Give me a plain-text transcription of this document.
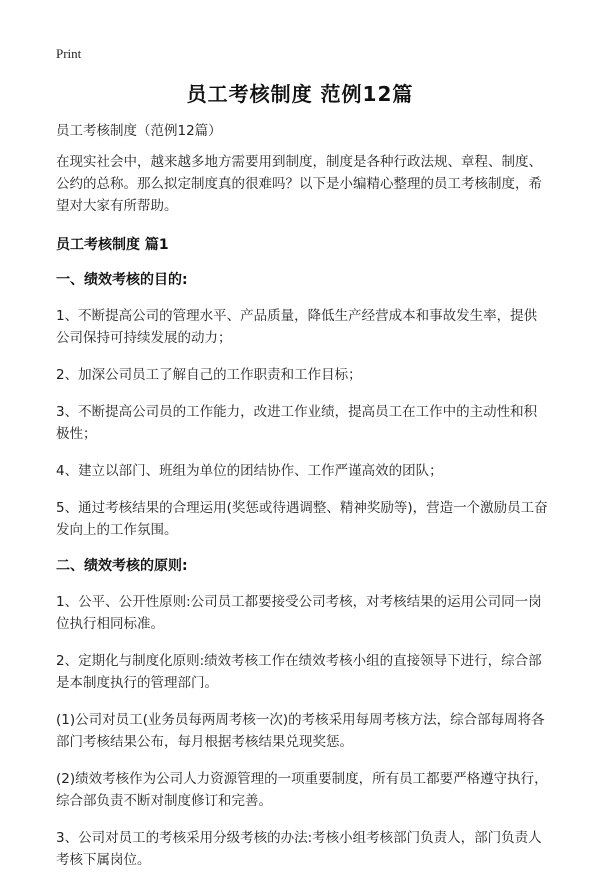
Print
员工考核制度 范例12篇

员工考核制度（范例12篇）

在现实社会中，越来越多地方需要用到制度，制度是各种行政法规、章程、制度、公约的总称。那么拟定制度真的很难吗？以下是小编精心整理的员工考核制度，希望对大家有所帮助。

员工考核制度 篇1

一、绩效考核的目的:

1、不断提高公司的管理水平、产品质量，降低生产经营成本和事故发生率，提供公司保持可持续发展的动力；

2、加深公司员工了解自己的工作职责和工作目标；

3、不断提高公司员的工作能力，改进工作业绩，提高员工在工作中的主动性和积极性；

4、建立以部门、班组为单位的团结协作、工作严谨高效的团队；

5、通过考核结果的合理运用(奖惩或待遇调整、精神奖励等)，营造一个激励员工奋发向上的工作氛围。

二、绩效考核的原则:

1、公平、公开性原则:公司员工都要接受公司考核，对考核结果的运用公司同一岗位执行相同标准。

2、定期化与制度化原则:绩效考核工作在绩效考核小组的直接领导下进行，综合部是本制度执行的管理部门。

(1)公司对员工(业务员每两周考核一次)的考核采用每周考核方法，综合部每周将各部门考核结果公布，每月根据考核结果兑现奖惩。

(2)绩效考核作为公司人力资源管理的一项重要制度，所有员工都要严格遵守执行，综合部负责不断对制度修订和完善。

3、公司对员工的考核采用分级考核的办法:考核小组考核部门负责人，部门负责人考核下属岗位。
